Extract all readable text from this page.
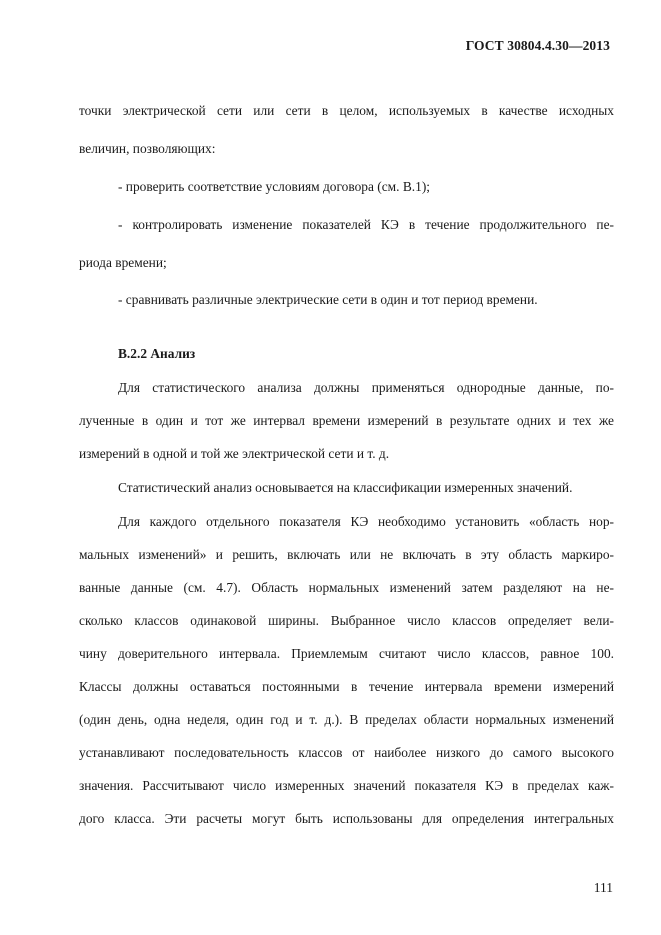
ГОСТ 30804.4.30—2013
точки электрической сети или сети в целом, используемых в качестве исходных
величин, позволяющих:
- проверить соответствие условиям договора (см. В.1);
- контролировать изменение показателей КЭ в течение продолжительного пе-
риода времени;
- сравнивать различные электрические сети в один и тот период времени.
В.2.2 Анализ
Для статистического анализа должны применяться однородные данные, по-
лученные в один и тот же интервал времени измерений в результате одних и тех же
измерений в одной и той же электрической сети и т. д.
Статистический анализ основывается на классификации измеренных значений.
Для каждого отдельного показателя КЭ необходимо установить «область нор-
мальных изменений» и решить, включать или не включать в эту область маркиро-
ванные данные (см. 4.7). Область нормальных изменений затем разделяют на не-
сколько классов одинаковой ширины. Выбранное число классов определяет вели-
чину доверительного интервала. Приемлемым считают число классов, равное 100.
Классы должны оставаться постоянными в течение интервала времени измерений
(один день, одна неделя, один год и т. д.). В пределах области нормальных изменений
устанавливают последовательность классов от наиболее низкого до самого высокого
значения. Рассчитывают число измеренных значений показателя КЭ в пределах каж-
дого класса. Эти расчеты могут быть использованы для определения интегральных
111
